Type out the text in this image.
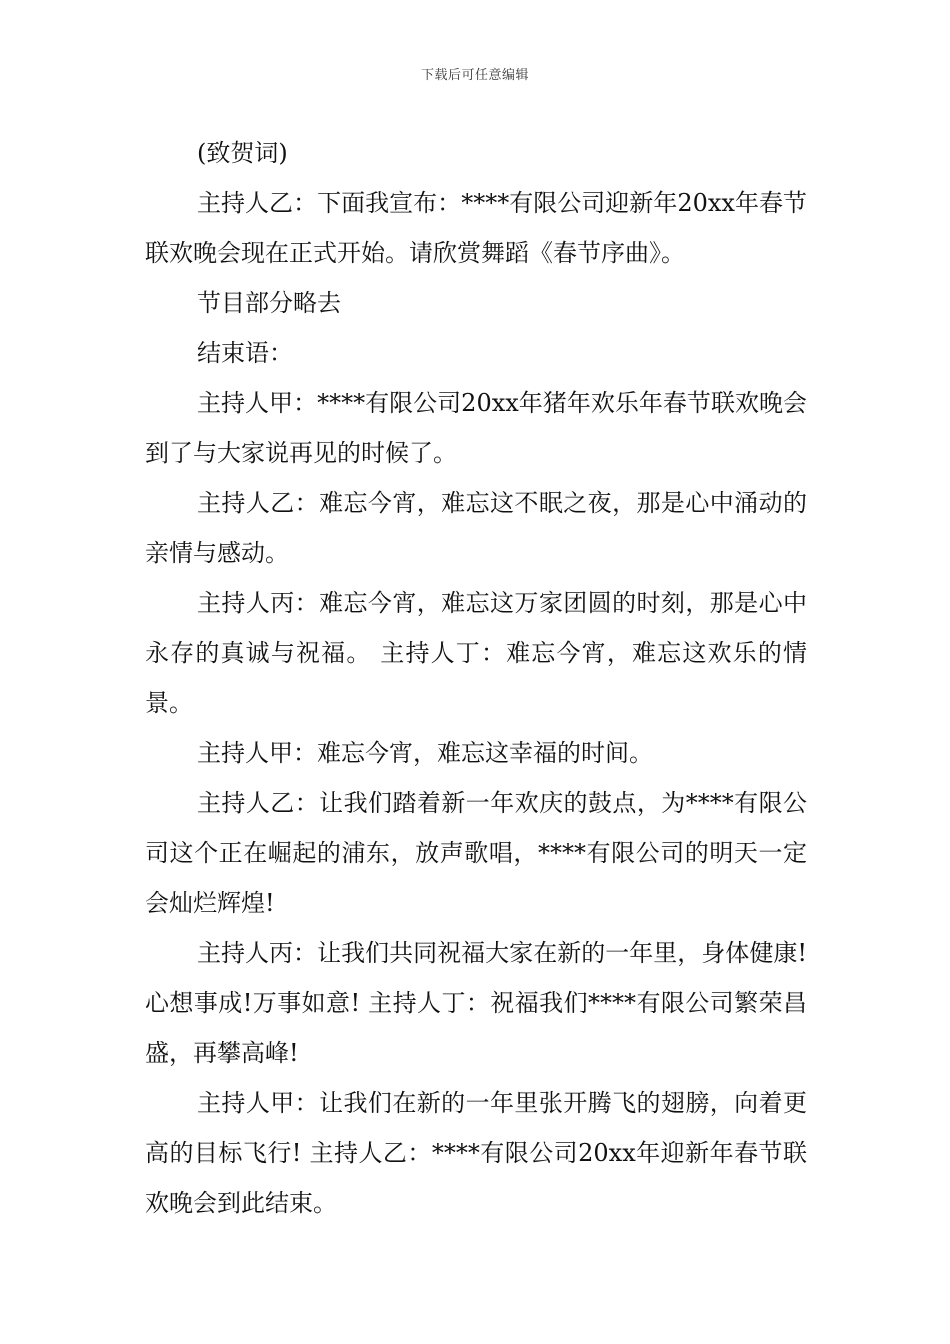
下载后可任意编辑

(致贺词)

主持人乙：下面我宣布：****有限公司迎新年20xx年春节联欢晚会现在正式开始。请欣赏舞蹈《春节序曲》。

节目部分略去

结束语：

主持人甲：****有限公司20xx年猪年欢乐年春节联欢晚会到了与大家说再见的时候了。

主持人乙：难忘今宵，难忘这不眠之夜，那是心中涌动的亲情与感动。

主持人丙：难忘今宵，难忘这万家团圆的时刻，那是心中永存的真诚与祝福。 主持人丁：难忘今宵，难忘这欢乐的情景。

主持人甲：难忘今宵，难忘这幸福的时间。

主持人乙：让我们踏着新一年欢庆的鼓点，为****有限公司这个正在崛起的浦东，放声歌唱，****有限公司的明天一定会灿烂辉煌!

主持人丙：让我们共同祝福大家在新的一年里，身体健康!心想事成!万事如意! 主持人丁：祝福我们****有限公司繁荣昌盛，再攀高峰!

主持人甲：让我们在新的一年里张开腾飞的翅膀，向着更高的目标飞行! 主持人乙：****有限公司20xx年迎新年春节联欢晚会到此结束。
